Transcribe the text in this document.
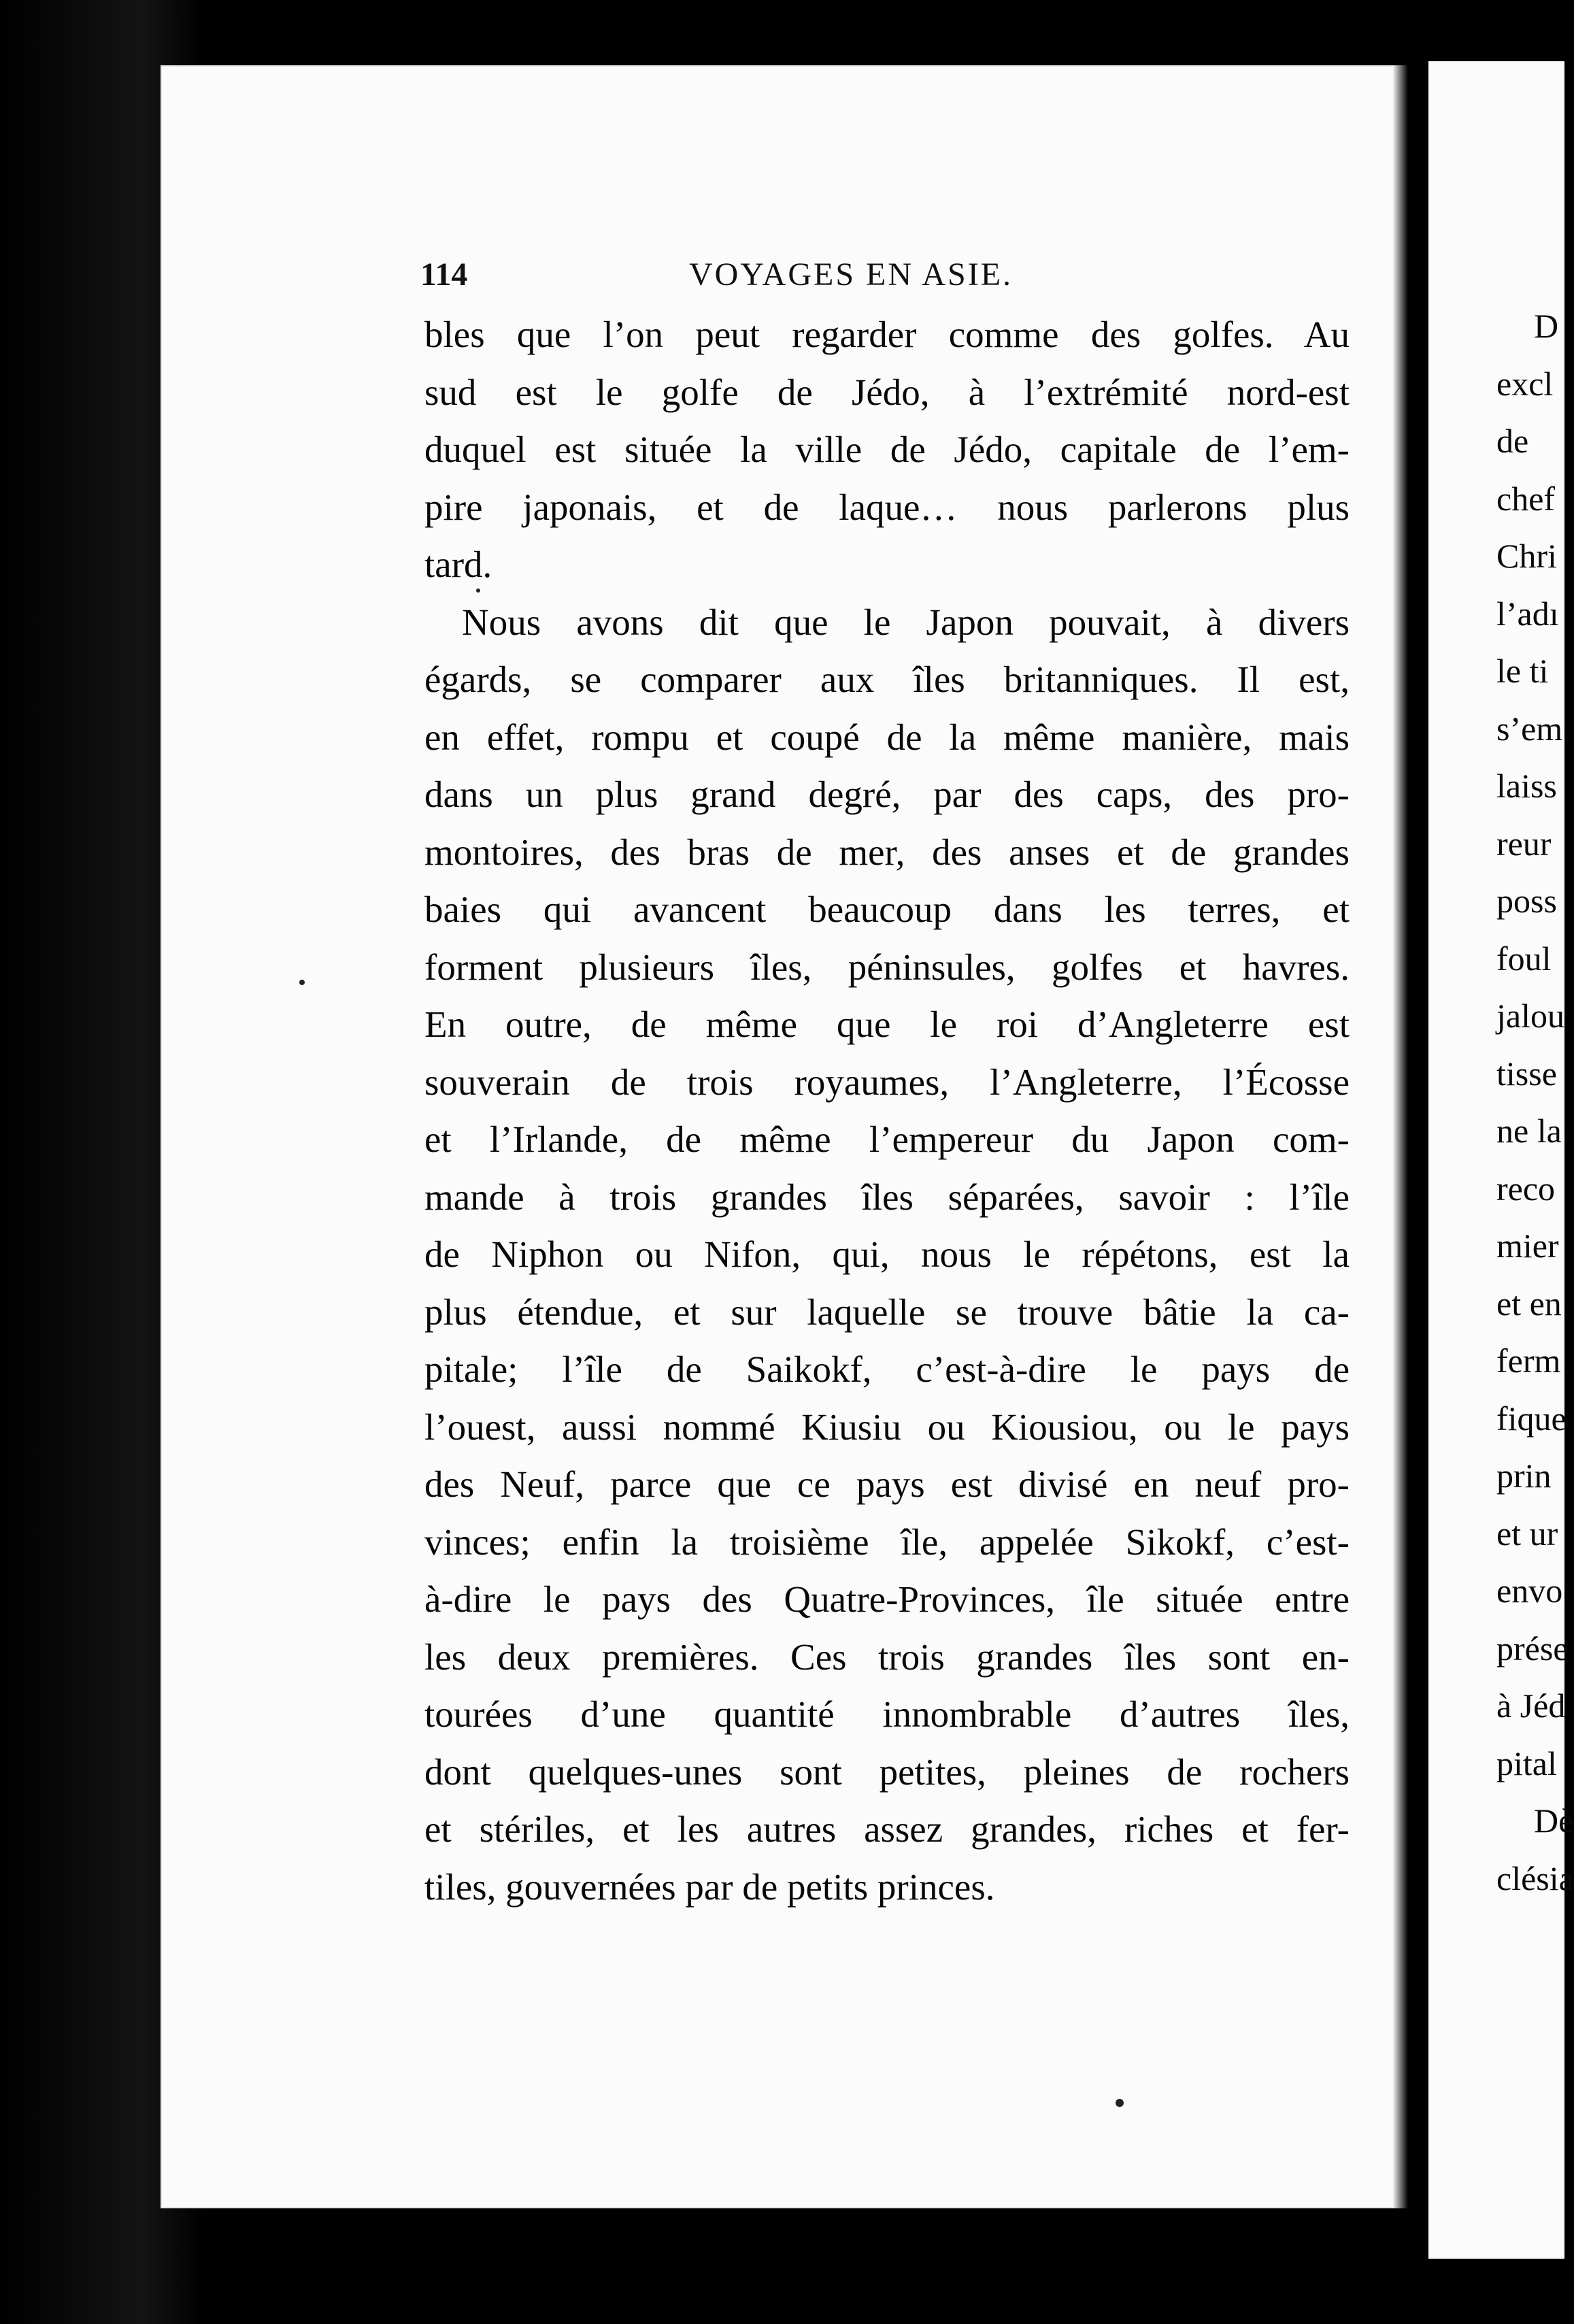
114	VOYAGES EN ASIE.
bles que l’on peut regarder comme des golfes. Au
sud est le golfe de Jédo, à l’extrémité nord-est
duquel est située la ville de Jédo, capitale de l’em-
pire japonais, et de laque… nous parlerons plus
tard.
Nous avons dit que le Japon pouvait, à divers
égards, se comparer aux îles britanniques. Il est,
en effet, rompu et coupé de la même manière, mais
dans un plus grand degré, par des caps, des pro-
montoires, des bras de mer, des anses et de grandes
baies qui avancent beaucoup dans les terres, et
forment plusieurs îles, péninsules, golfes et havres.
En outre, de même que le roi d’Angleterre est
souverain de trois royaumes, l’Angleterre, l’Écosse
et l’Irlande, de même l’empereur du Japon com-
mande à trois grandes îles séparées, savoir : l’île
de Niphon ou Nifon, qui, nous le répétons, est la
plus étendue, et sur laquelle se trouve bâtie la ca-
pitale; l’île de Saikokf, c’est-à-dire le pays de
l’ouest, aussi nommé Kiusiu ou Kiousiou, ou le pays
des Neuf, parce que ce pays est divisé en neuf pro-
vinces; enfin la troisième île, appelée Sikokf, c’est-
à-dire le pays des Quatre-Provinces, île située entre
les deux premières. Ces trois grandes îles sont en-
tourées d’une quantité innombrable d’autres îles,
dont quelques-unes sont petites, pleines de rochers
et stériles, et les autres assez grandes, riches et fer-
tiles, gouvernées par de petits princes.
D
excl
de
chef
Chri
l’adı
le ti
s’em
laiss
reur
poss
foul
jalou
tisse
ne la
reco
mier
et en
ferm
fique
prin
et ur
envo
prése
à Jéd
pital
Dè
clésia
